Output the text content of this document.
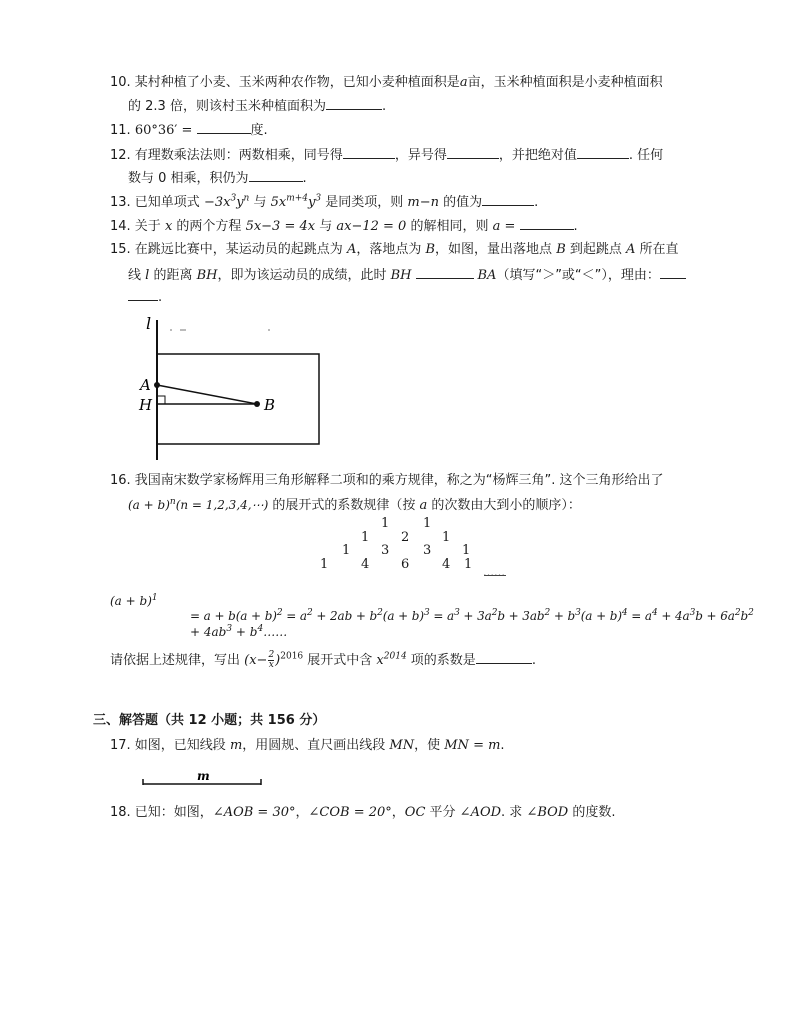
10. 某村种植了小麦、玉米两种农作物，已知小麦种植面积是a亩，玉米种植面积是小麦种植面积
的 2.3 倍，则该村玉米种植面积为	.
11. 60°36′ =	度.
12. 有理数乘法法则：两数相乘，同号得	，异号得	，并把绝对值	. 任何
数与 0 相乘，积仍为	.
13. 已知单项式 $-3x^3y^n$ 与 $5x^{m+4}y^3$ 是同类项，则 m−n 的值为	.
14. 关于 x 的两个方程 5x−3 = 4x 与 ax−12 = 0 的解相同，则 a =	.
15. 在跳远比赛中，某运动员的起跳点为 A，落地点为 B，如图，量出落地点 B 到起跳点 A 所在直
线 l 的距离 BH，即为该运动员的成绩，此时 BH	BA（填写“＞”或“＜”），理由：
.
l
A
H	B
16. 我国南宋数学家杨辉用三角形解释二项和的乘方规律，称之为“杨辉三角”. 这个三角形给出了
$(a + b)^n(n$ = 1,2,3,4,⋯) 的展开式的系数规律（按 a 的次数由大到小的顺序）：
1	1
1 2	1
1 3	3 1
1	4 6	4 1
……
$(a + b)^1$
= $a + b(a + b)^2 = a^2 + 2ab + b^2(a + b)^3 = a^3 + 3a^2b + 3ab^2 + b^3(a + b)^4 = a^4 + 4a^3b + 6a^2b^2$
+ $4ab^3$ + $b^4\dots\dots$
请依据上述规律，写出 $(x- \frac{2}{x} )^{2016}$ 展开式中含 $x^{2014}$ 项的系数是	.
三、解答题（共 12 小题；共 156 分）
17. 如图，已知线段 m，用圆规、直尺画出线段 MN，使 MN = m.
m
18. 已知：如图，∠AOB = 30°，∠COB = 20°，OC 平分 ∠AOD. 求 ∠BOD 的度数.
